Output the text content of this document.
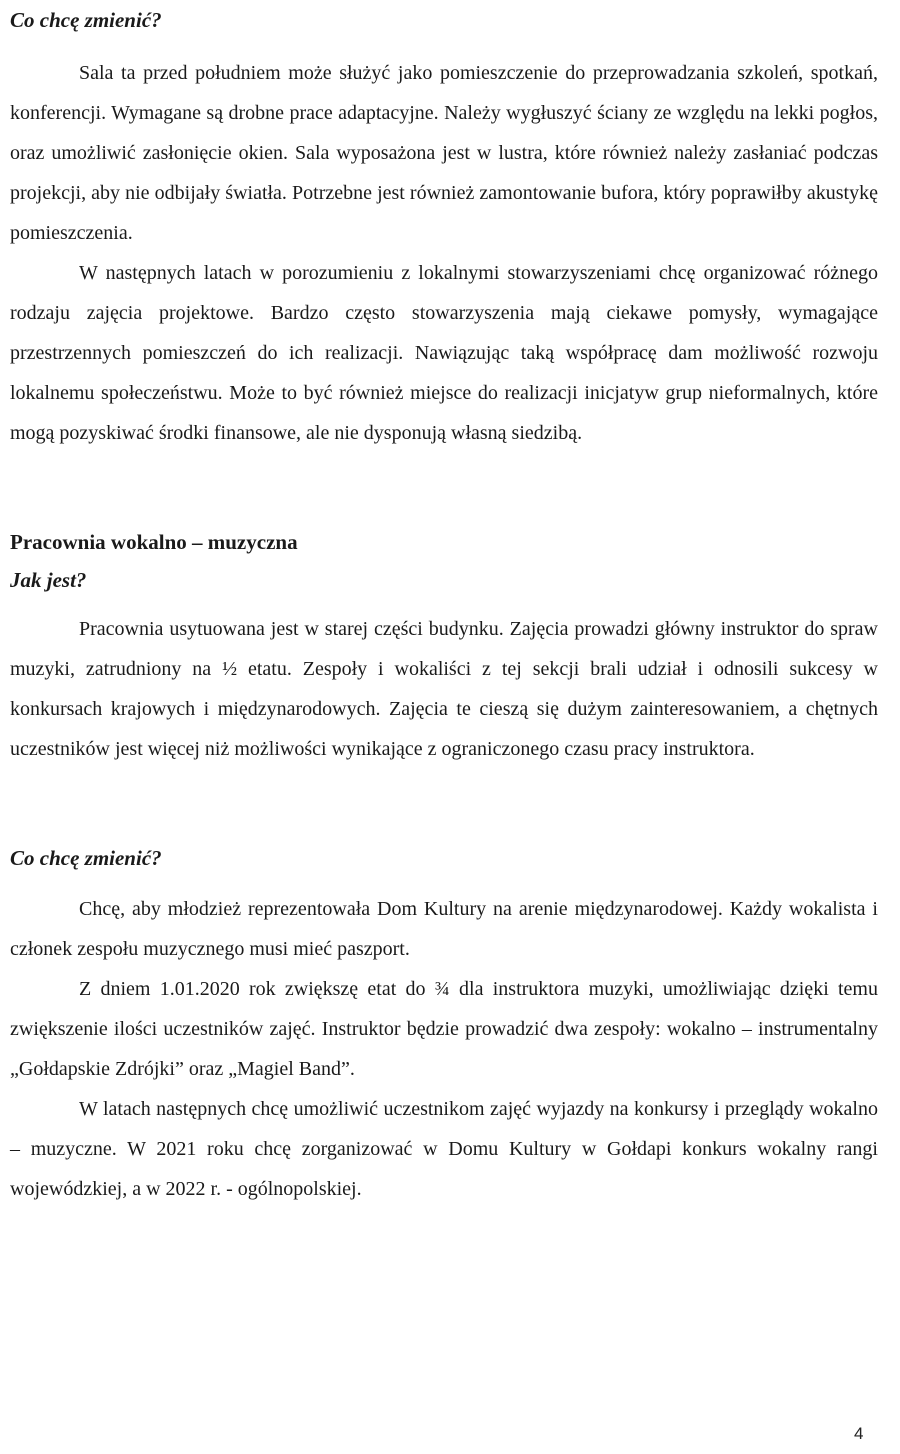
Co chcę zmienić?

Sala ta przed południem może służyć jako pomieszczenie do przeprowadzania szkoleń, spotkań, konferencji. Wymagane są drobne prace adaptacyjne. Należy wygłuszyć ściany ze względu na lekki pogłos, oraz umożliwić zasłonięcie okien. Sala wyposażona jest w lustra, które również należy zasłaniać podczas projekcji, aby nie odbijały światła. Potrzebne jest również zamontowanie bufora, który poprawiłby akustykę pomieszczenia.

W następnych latach w porozumieniu z lokalnymi stowarzyszeniami chcę organizować różnego rodzaju zajęcia projektowe. Bardzo często stowarzyszenia mają ciekawe pomysły, wymagające przestrzennych pomieszczeń do ich realizacji. Nawiązując taką współpracę dam możliwość rozwoju lokalnemu społeczeństwu. Może to być również miejsce do realizacji inicjatyw grup nieformalnych, które mogą pozyskiwać środki finansowe, ale nie dysponują własną siedzibą.

Pracownia wokalno – muzyczna

Jak jest?

Pracownia usytuowana jest w starej części budynku. Zajęcia prowadzi główny instruktor do spraw muzyki, zatrudniony na ½ etatu. Zespoły i wokaliści z tej sekcji brali udział i odnosili sukcesy w konkursach krajowych i międzynarodowych. Zajęcia te cieszą się dużym zainteresowaniem, a chętnych uczestników jest więcej niż możliwości wynikające z ograniczonego czasu pracy instruktora.

Co chcę zmienić?

Chcę, aby młodzież reprezentowała Dom Kultury na arenie międzynarodowej. Każdy wokalista i członek zespołu muzycznego musi mieć paszport.

Z dniem 1.01.2020 rok zwiększę etat do ¾ dla instruktora muzyki, umożliwiając dzięki temu zwiększenie ilości uczestników zajęć. Instruktor będzie prowadzić dwa zespoły: wokalno – instrumentalny „Gołdapskie Zdrójki” oraz „Magiel Band”.

W latach następnych chcę umożliwić uczestnikom zajęć wyjazdy na konkursy i przeglądy wokalno – muzyczne. W 2021 roku chcę zorganizować w Domu Kultury w Gołdapi konkurs wokalny rangi wojewódzkiej, a w 2022 r. - ogólnopolskiej.

4
